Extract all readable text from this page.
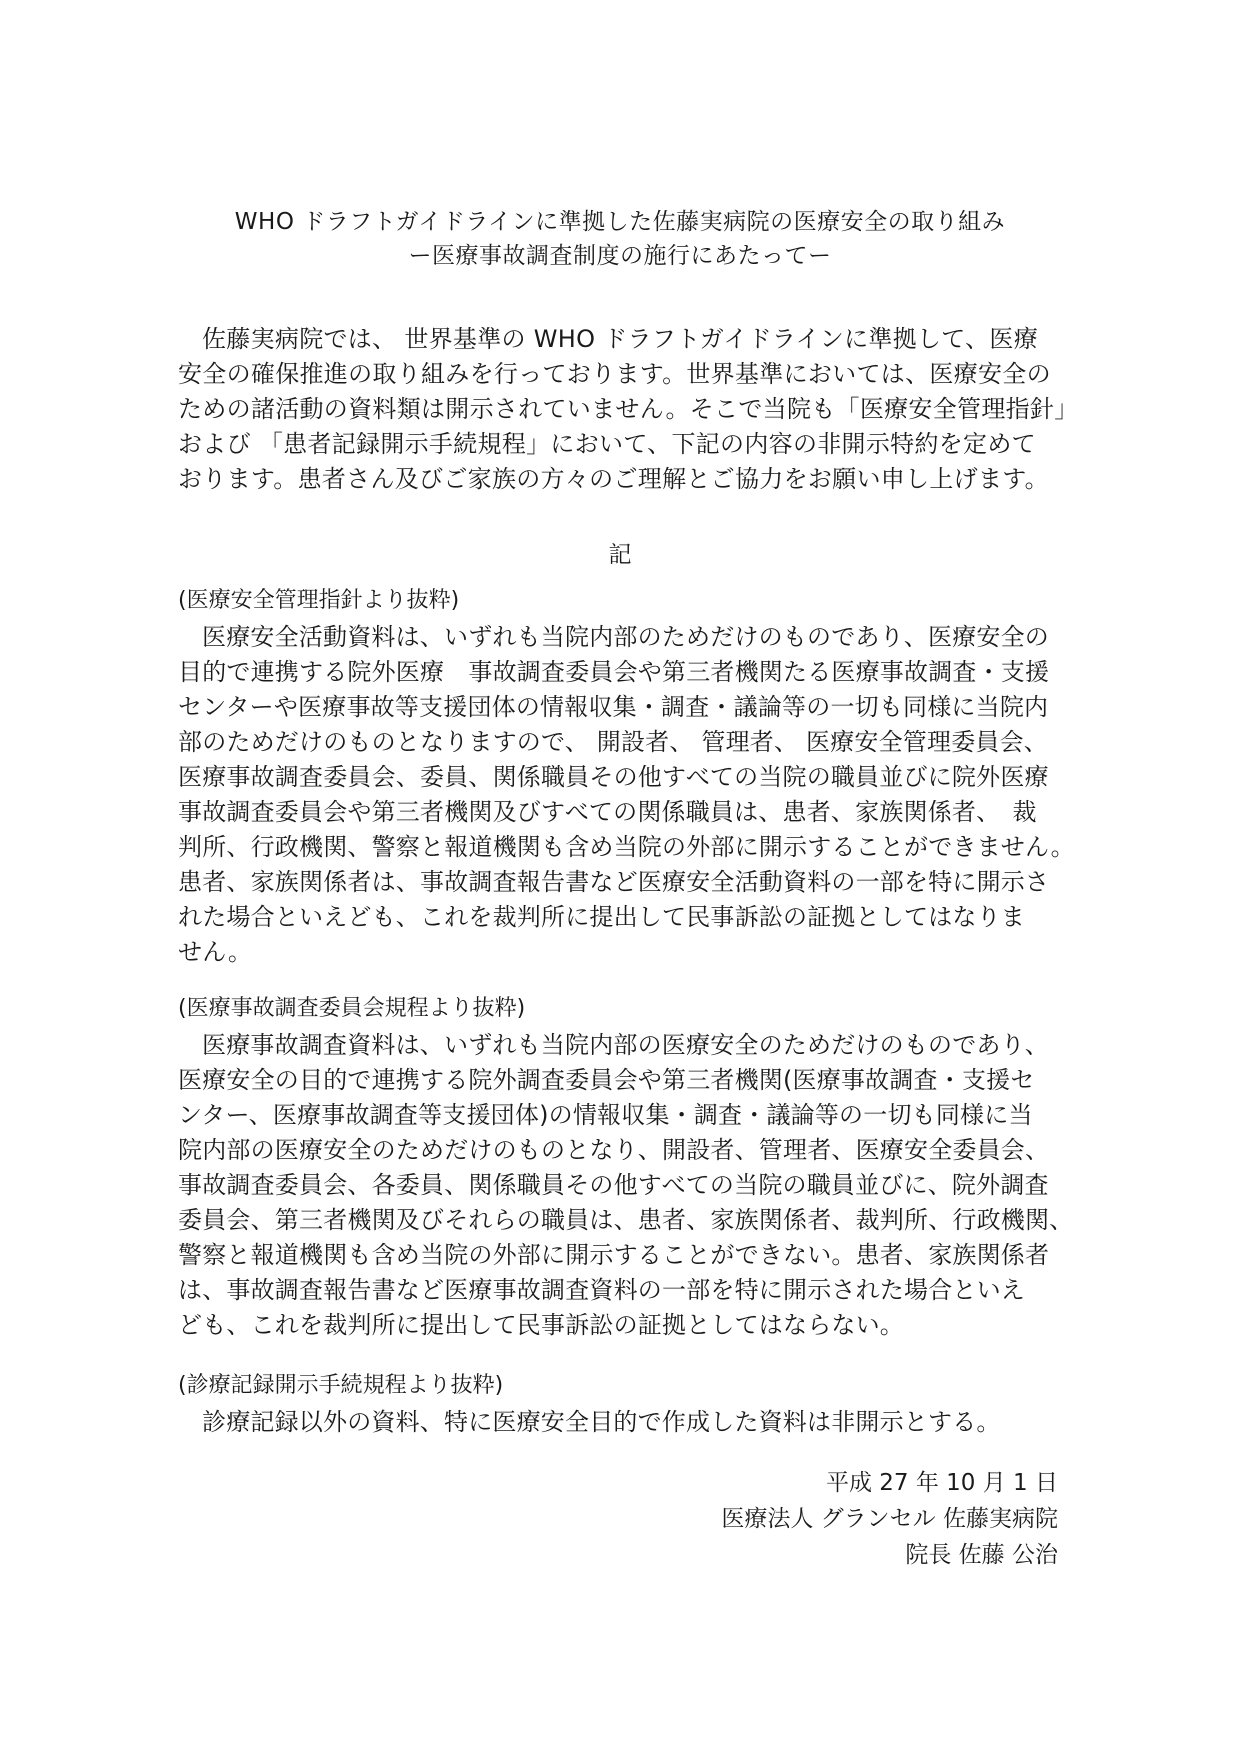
WHO ドラフトガイドラインに準拠した佐藤実病院の医療安全の取り組み
ー医療事故調査制度の施行にあたってー
佐藤実病院では、 世界基準の WHO ドラフトガイドラインに準拠して、医療
安全の確保推進の取り組みを行っております。世界基準においては、医療安全の
ための諸活動の資料類は開示されていません。そこで当院も「医療安全管理指針」
および 「患者記録開示手続規程」において、下記の内容の非開示特約を定めて
おります。患者さん及びご家族の方々のご理解とご協力をお願い申し上げます。
記
(医療安全管理指針より抜粋)
医療安全活動資料は、いずれも当院内部のためだけのものであり、医療安全の
目的で連携する院外医療　事故調査委員会や第三者機関たる医療事故調査・支援
センターや医療事故等支援団体の情報収集・調査・議論等の一切も同様に当院内
部のためだけのものとなりますので、 開設者、 管理者、 医療安全管理委員会、
医療事故調査委員会、委員、関係職員その他すべての当院の職員並びに院外医療
事故調査委員会や第三者機関及びすべての関係職員は、患者、家族関係者、　裁
判所、行政機関、警察と報道機関も含め当院の外部に開示することができません。
患者、家族関係者は、事故調査報告書など医療安全活動資料の一部を特に開示さ
れた場合といえども、これを裁判所に提出して民事訴訟の証拠としてはなりま
せん。
(医療事故調査委員会規程より抜粋)
医療事故調査資料は、いずれも当院内部の医療安全のためだけのものであり、
医療安全の目的で連携する院外調査委員会や第三者機関(医療事故調査・支援セ
ンター、医療事故調査等支援団体)の情報収集・調査・議論等の一切も同様に当
院内部の医療安全のためだけのものとなり、開設者、管理者、医療安全委員会、
事故調査委員会、各委員、関係職員その他すべての当院の職員並びに、院外調査
委員会、第三者機関及びそれらの職員は、患者、家族関係者、裁判所、行政機関、
警察と報道機関も含め当院の外部に開示することができない。患者、家族関係者
は、事故調査報告書など医療事故調査資料の一部を特に開示された場合といえ
ども、これを裁判所に提出して民事訴訟の証拠としてはならない。
(診療記録開示手続規程より抜粋)
診療記録以外の資料、特に医療安全目的で作成した資料は非開示とする。
平成 27 年 10 月 1 日
医療法人 グランセル 佐藤実病院
院長 佐藤 公治
